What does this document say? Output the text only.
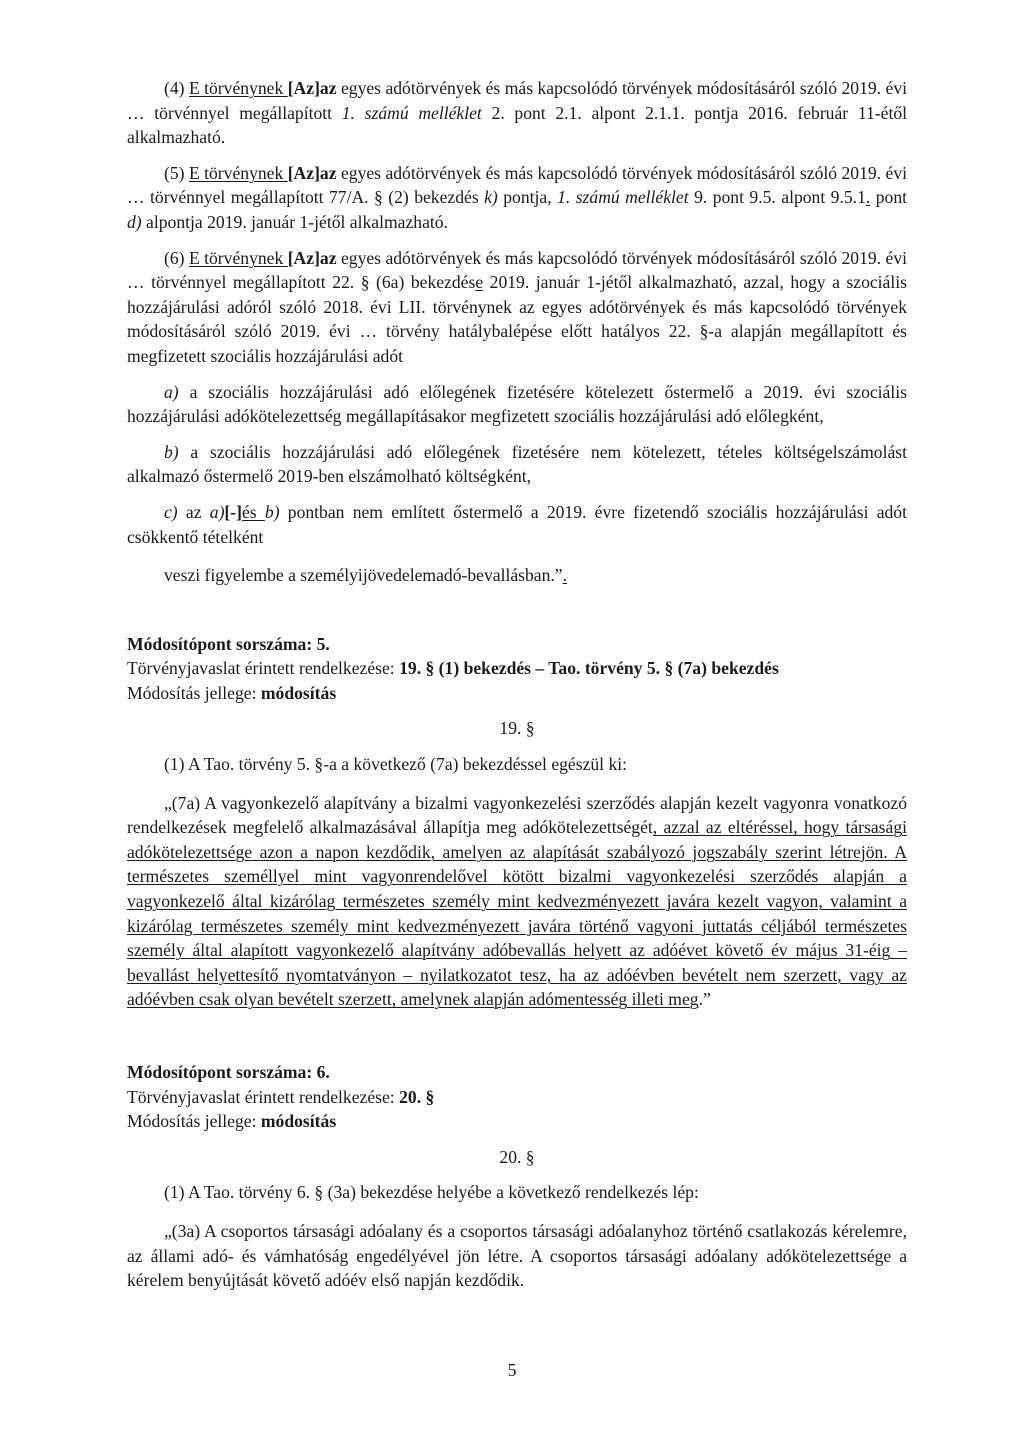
(4) E törvénynek [Az]az egyes adótörvények és más kapcsolódó törvények módosításáról szóló 2019. évi … törvénnyel megállapított 1. számú melléklet 2. pont 2.1. alpont 2.1.1. pontja 2016. február 11-étől alkalmazható.

(5) E törvénynek [Az]az egyes adótörvények és más kapcsolódó törvények módosításáról szóló 2019. évi … törvénnyel megállapított 77/A. § (2) bekezdés k) pontja, 1. számú melléklet 9. pont 9.5. alpont 9.5.1. pont d) alpontja 2019. január 1-jétől alkalmazható.

(6) E törvénynek [Az]az egyes adótörvények és más kapcsolódó törvények módosításáról szóló 2019. évi … törvénnyel megállapított 22. § (6a) bekezdése 2019. január 1-jétől alkalmazható, azzal, hogy a szociális hozzájárulási adóról szóló 2018. évi LII. törvénynek az egyes adótörvények és más kapcsolódó törvények módosításáról szóló 2019. évi … törvény hatálybalépése előtt hatályos 22. §-a alapján megállapított és megfizetett szociális hozzájárulási adót

a) a szociális hozzájárulási adó előlegének fizetésére kötelezett őstermelő a 2019. évi szociális hozzájárulási adókötelezettség megállapításakor megfizetett szociális hozzájárulási adó előlegként,

b) a szociális hozzájárulási adó előlegének fizetésére nem kötelezett, tételes költségelszámolást alkalmazó őstermelő 2019-ben elszámolható költségként,

c) az a)[-]és b) pontban nem említett őstermelő a 2019. évre fizetendő szociális hozzájárulási adót csökkentő tételként

veszi figyelembe a személyijövedelemadó-bevallásban.”.

Módosítópont sorszáma: 5.

Törvényjavaslat érintett rendelkezése: 19. § (1) bekezdés – Tao. törvény 5. § (7a) bekezdés

Módosítás jellege: módosítás

19. §

(1) A Tao. törvény 5. §-a a következő (7a) bekezdéssel egészül ki:

„(7a) A vagyonkezelő alapítvány a bizalmi vagyonkezelési szerződés alapján kezelt vagyonra vonatkozó rendelkezések megfelelő alkalmazásával állapítja meg adókötelezettségét, azzal az eltéréssel, hogy társasági adókötelezettsége azon a napon kezdődik, amelyen az alapítását szabályozó jogszabály szerint létrejön. A természetes személlyel mint vagyonrendelővel kötött bizalmi vagyonkezelési szerződés alapján a vagyonkezelő által kizárólag természetes személy mint kedvezményezett javára kezelt vagyon, valamint a kizárólag természetes személy mint kedvezményezett javára történő vagyoni juttatás céljából természetes személy által alapított vagyonkezelő alapítvány adóbevallás helyett az adóévet követő év május 31-éig – bevallást helyettesítő nyomtatványon – nyilatkozatot tesz, ha az adóévben bevételt nem szerzett, vagy az adóévben csak olyan bevételt szerzett, amelynek alapján adómentesség illeti meg.”

Módosítópont sorszáma: 6.

Törvényjavaslat érintett rendelkezése: 20. §

Módosítás jellege: módosítás

20. §

(1) A Tao. törvény 6. § (3a) bekezdése helyébe a következő rendelkezés lép:

„(3a) A csoportos társasági adóalany és a csoportos társasági adóalanyhoz történő csatlakozás kérelemre, az állami adó- és vámhatóság engedélyével jön létre. A csoportos társasági adóalany adókötelezettsége a kérelem benyújtását követő adóév első napján kezdődik.

5
